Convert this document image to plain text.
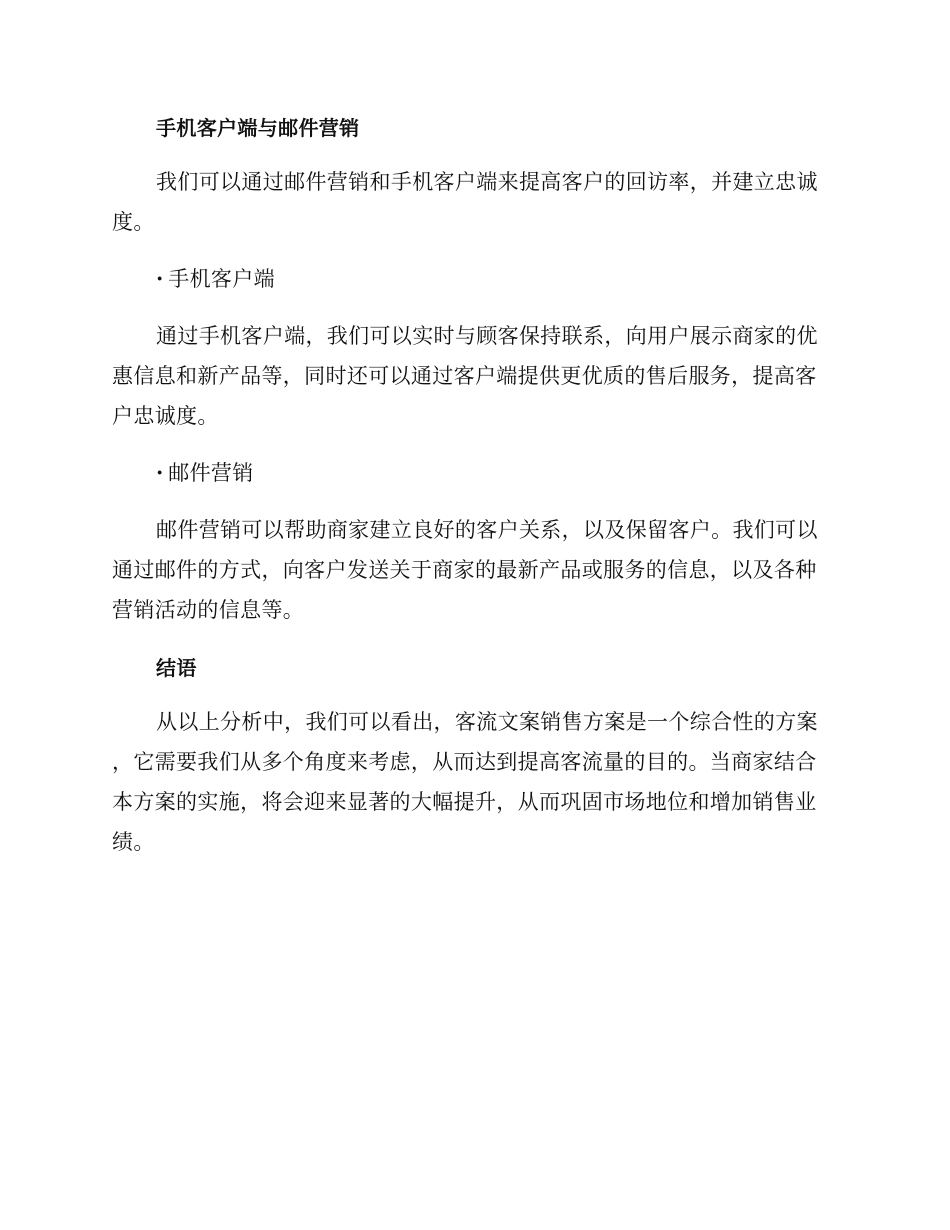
手机客户端与邮件营销

我们可以通过邮件营销和手机客户端来提高客户的回访率，并建立忠诚度。

·  手机客户端

通过手机客户端，我们可以实时与顾客保持联系，向用户展示商家的优惠信息和新产品等，同时还可以通过客户端提供更优质的售后服务，提高客户忠诚度。

·  邮件营销

邮件营销可以帮助商家建立良好的客户关系，以及保留客户。我们可以通过邮件的方式，向客户发送关于商家的最新产品或服务的信息，以及各种营销活动的信息等。

结语

从以上分析中，我们可以看出，客流文案销售方案是一个综合性的方案，它需要我们从多个角度来考虑，从而达到提高客流量的目的。当商家结合本方案的实施，将会迎来显著的大幅提升，从而巩固市场地位和增加销售业绩。
